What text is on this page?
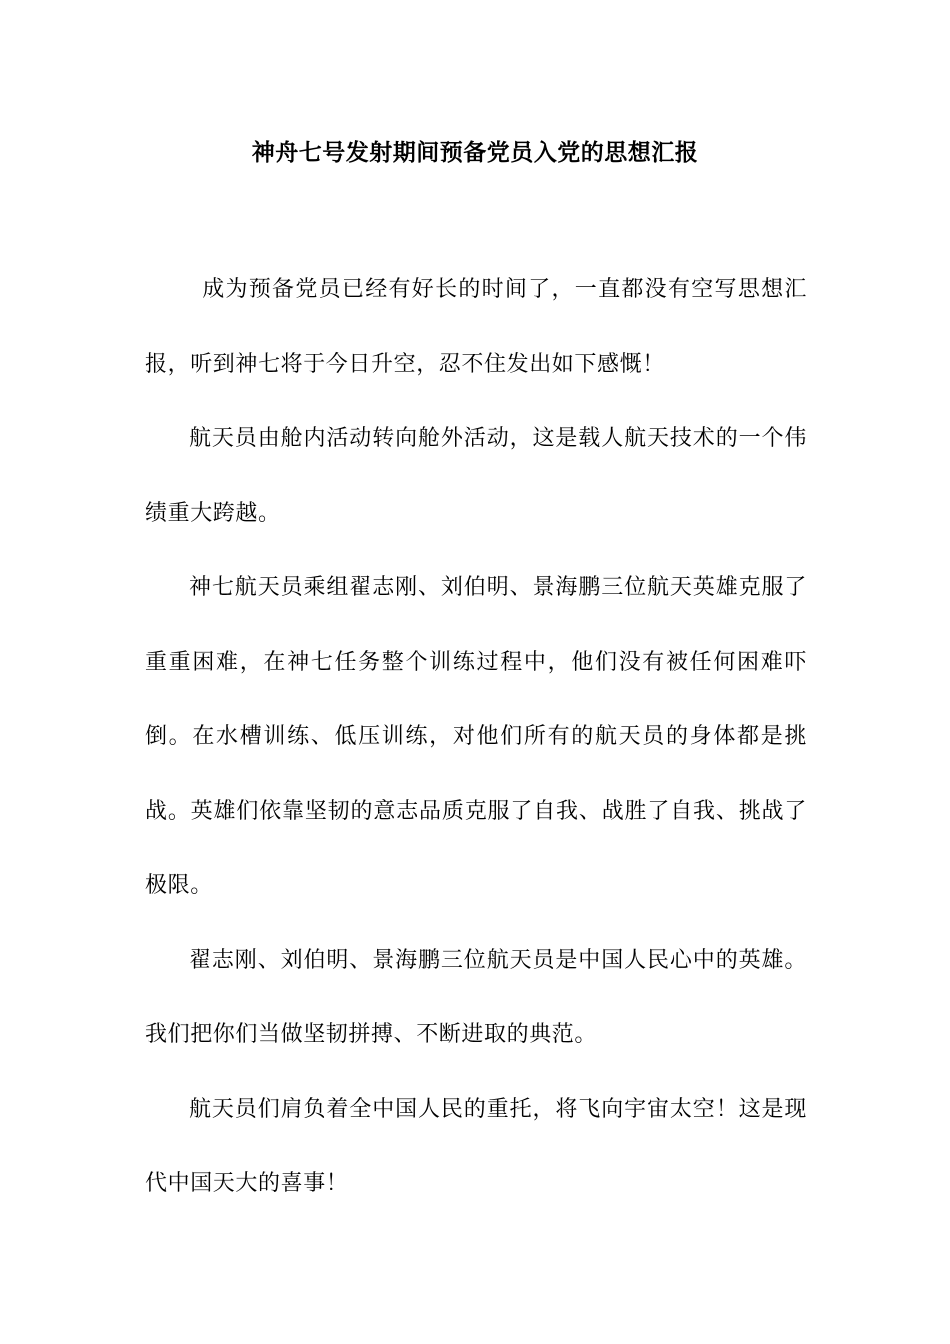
神舟七号发射期间预备党员入党的思想汇报

成为预备党员已经有好长的时间了，一直都没有空写思想汇报，听到神七将于今日升空，忍不住发出如下感慨！

航天员由舱内活动转向舱外活动，这是载人航天技术的一个伟绩重大跨越。

神七航天员乘组翟志刚、刘伯明、景海鹏三位航天英雄克服了重重困难，在神七任务整个训练过程中，他们没有被任何困难吓倒。在水槽训练、低压训练，对他们所有的航天员的身体都是挑战。英雄们依靠坚韧的意志品质克服了自我、战胜了自我、挑战了极限。

翟志刚、刘伯明、景海鹏三位航天员是中国人民心中的英雄。我们把你们当做坚韧拼搏、不断进取的典范。

航天员们肩负着全中国人民的重托，将飞向宇宙太空！这是现代中国天大的喜事！
